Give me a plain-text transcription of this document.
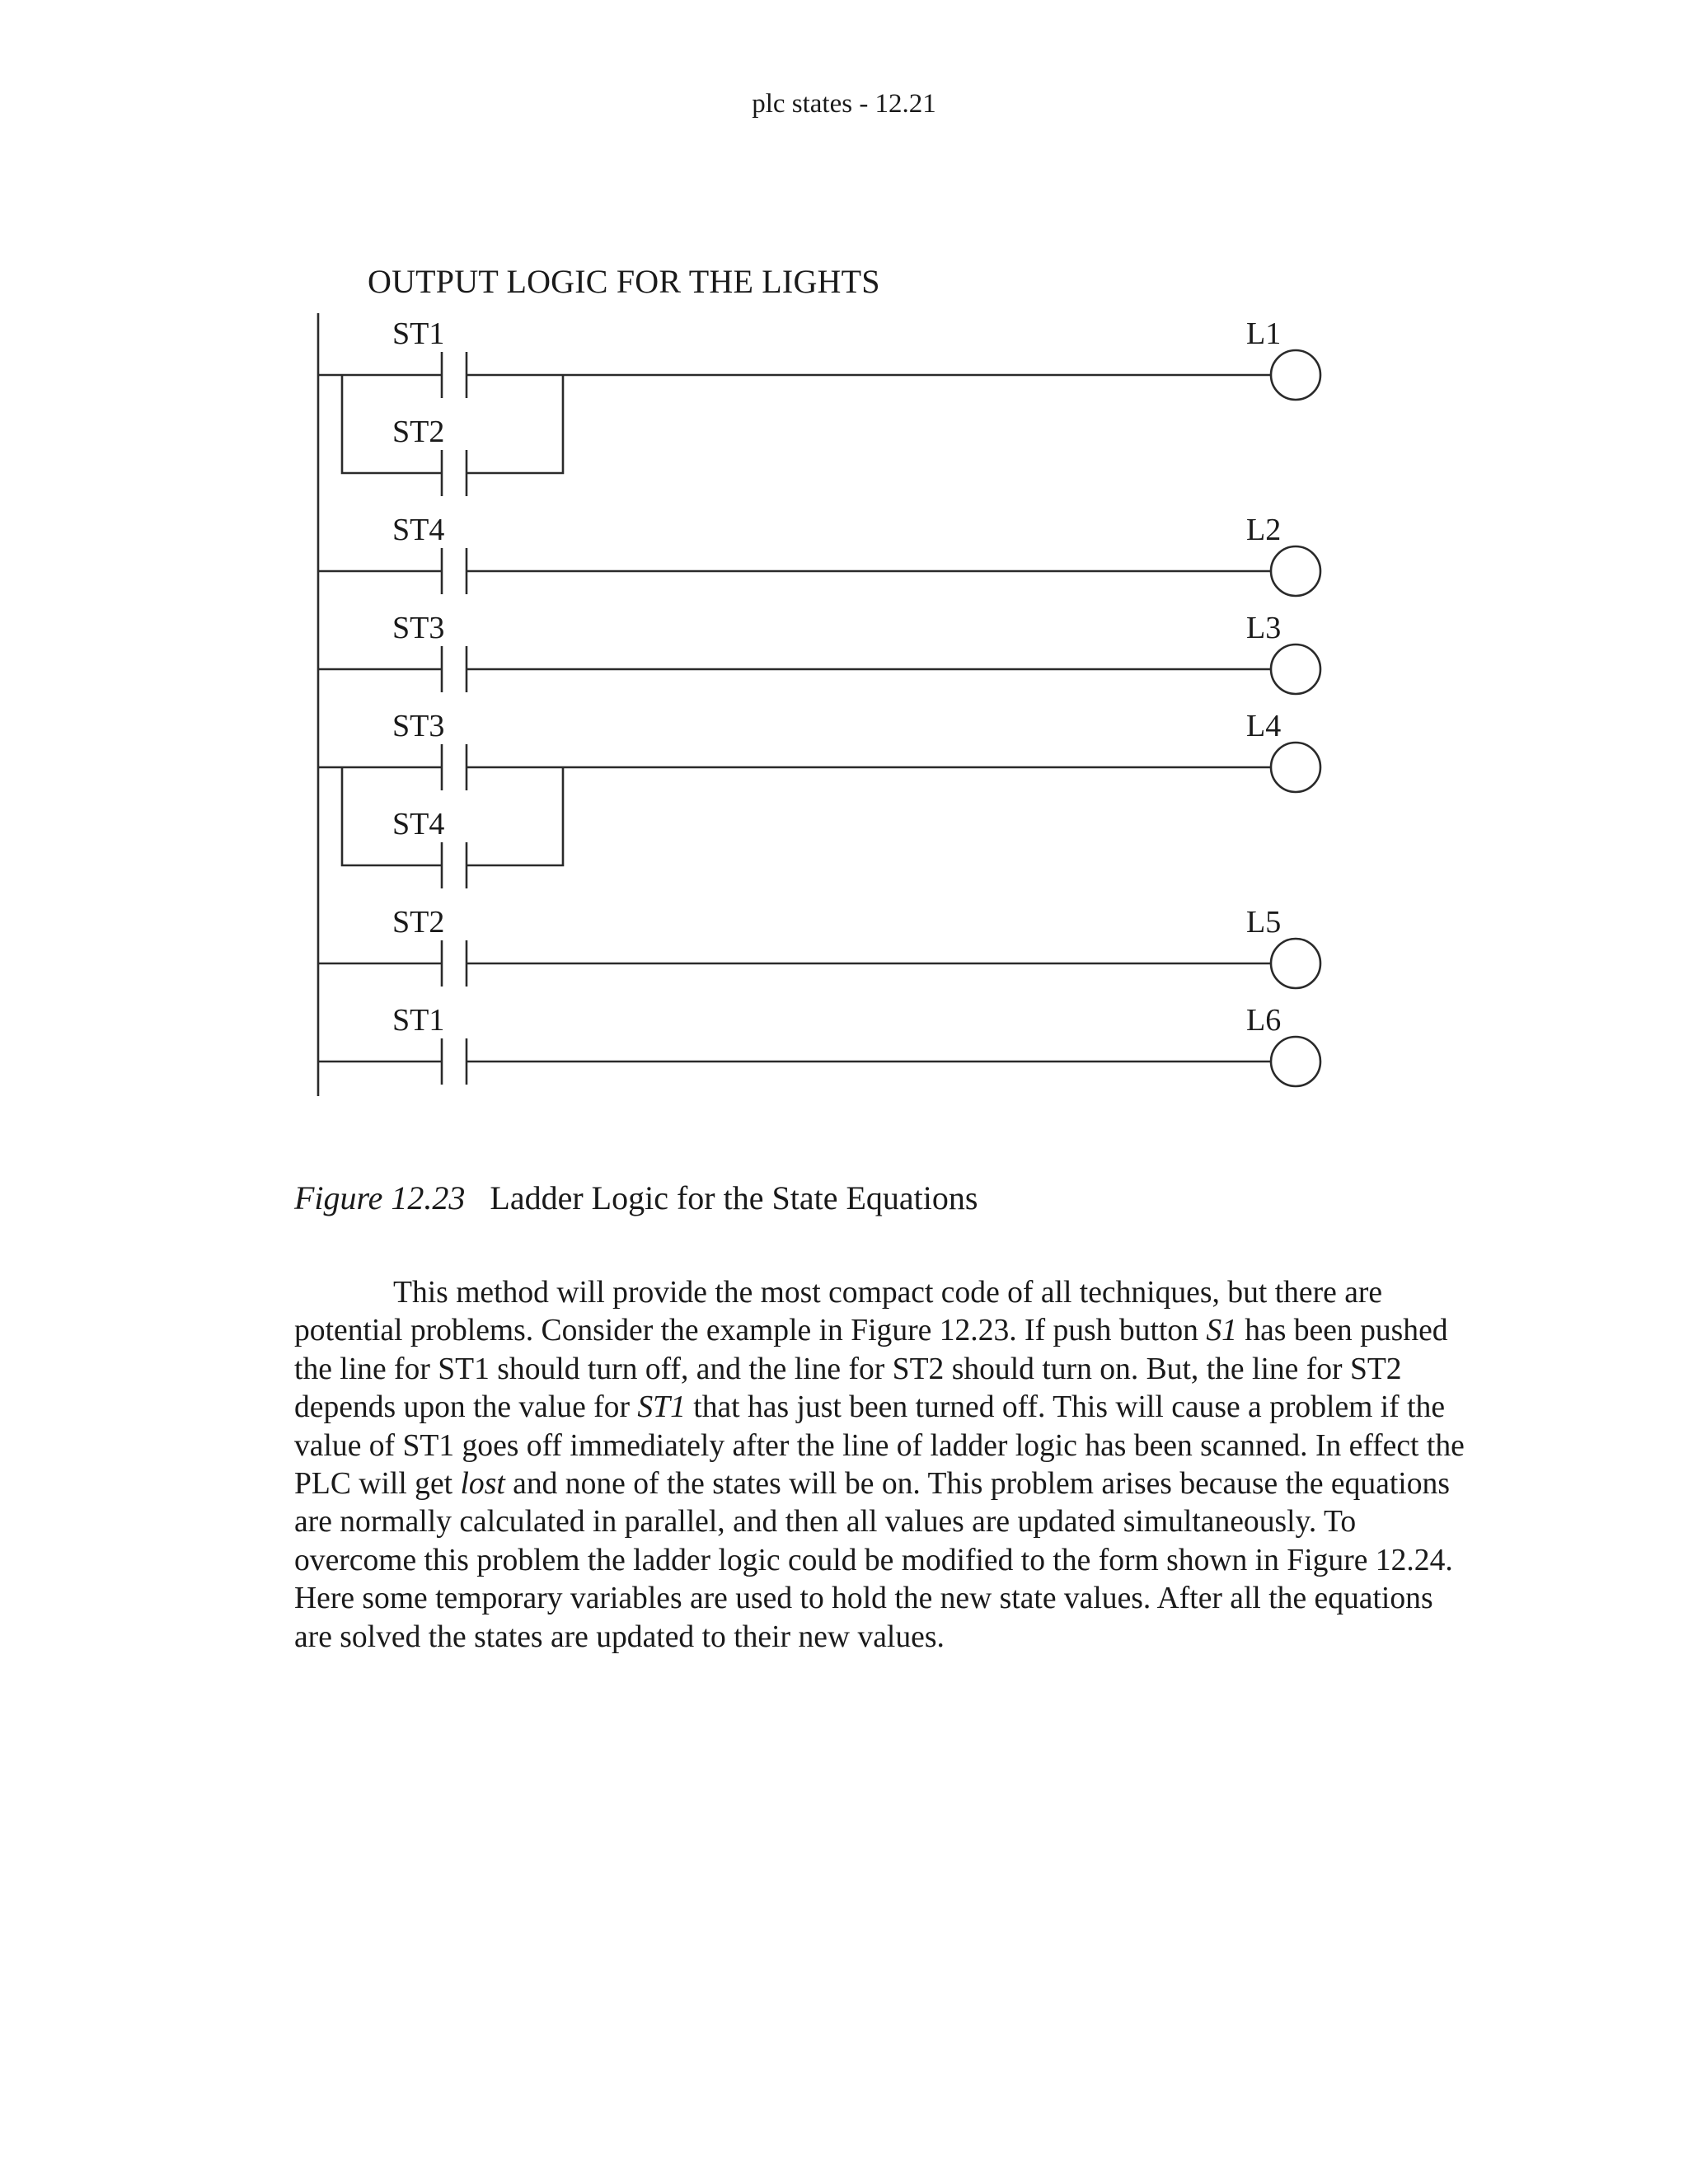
plc states - 12.21

OUTPUT LOGIC FOR THE LIGHTS

ST1	L1
ST2
ST4	L2
ST3	L3
ST3	L4
ST4
ST2	L5
ST1	L6

Figure 12.23 Ladder Logic for the State Equations

This method will provide the most compact code of all techniques, but there are potential problems. Consider the example in Figure 12.23. If push button S1 has been pushed the line for ST1 should turn off, and the line for ST2 should turn on. But, the line for ST2 depends upon the value for ST1 that has just been turned off. This will cause a problem if the value of ST1 goes off immediately after the line of ladder logic has been scanned. In effect the PLC will get lost and none of the states will be on. This problem arises because the equations are normally calculated in parallel, and then all values are updated simultaneously. To overcome this problem the ladder logic could be modified to the form shown in Figure 12.24. Here some temporary variables are used to hold the new state values. After all the equations are solved the states are updated to their new values.
